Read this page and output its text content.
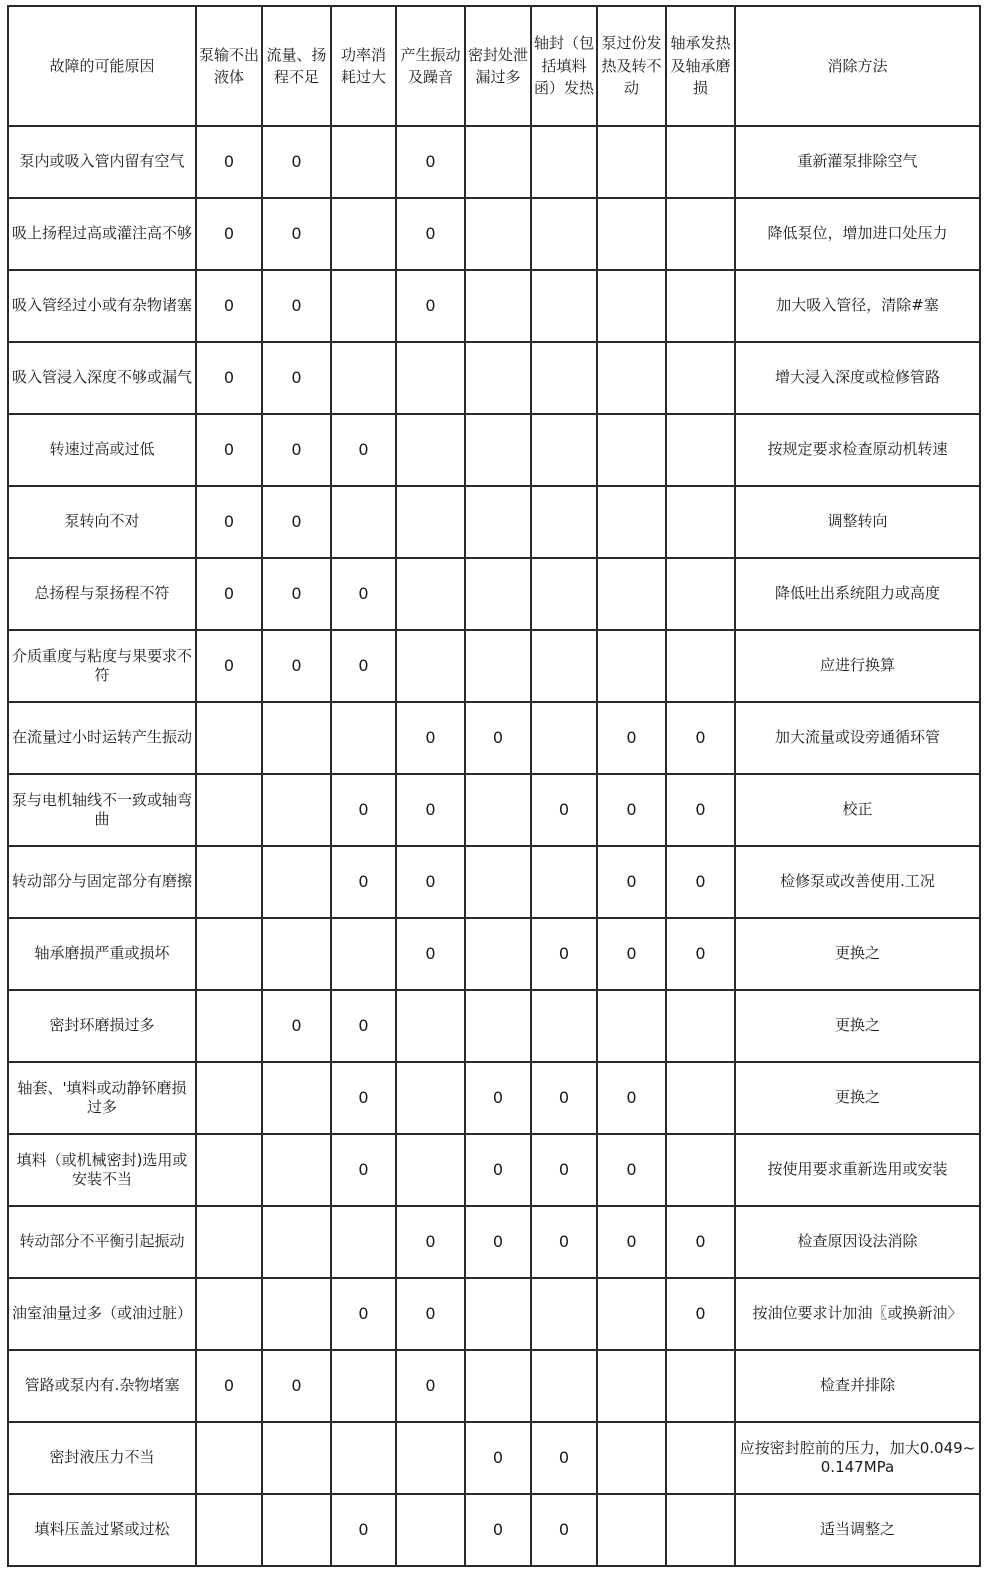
故障的可能原因	泵输不出液体	流量、扬程不足	功率消耗过大	产生振动及躁音	密封处泄漏过多	轴封（包括填料函）发热	泵过份发热及转不动	轴承发热及轴承磨损	消除方法
泵内或吸入管内留有空气	0	0		0					重新灌泵排除空气
吸上扬程过高或灌注高不够	0	0		0					降低泵位，增加进口处压力
吸入管经过小或有杂物诸塞	0	0		0					加大吸入管径，清除#塞
吸入管浸入深度不够或漏气	0	0							增大浸入深度或检修管路
转速过高或过低	0	0	0						按规定要求检查原动机转速
泵转向不对	0	0							调整转向
总扬程与泵扬程不符	0	0	0						降低吐出系统阻力或高度
介质重度与粘度与果要求不符	0	0	0						应进行换算
在流量过小时运转产生振动				0	0		0	0	加大流量或设旁通循环管
泵与电机轴线不一致或轴弯曲			0	0		0	0	0	校正
转动部分与固定部分有磨擦			0	0			0	0	检修泵或改善使用.工况
轴承磨损严重或损坏				0		0	0	0	更换之
密封环磨损过多		0	0						更换之
轴套、'填料或动静钚磨损过多			0		0	0	0		更换之
填料（或机械密封)选用或安装不当			0		0	0	0		按使用要求重新选用或安装
转动部分不平衡引起振动				0	0	0	0	0	检查原因设法消除
油室油量过多（或油过脏）			0	0				0	按油位要求计加油〖或换新油〉
管路或泵内有.杂物堵塞	0	0		0					检查并排除
密封液压力不当					0	0			应按密封腔前的压力，加大0.049~0.147MPa
填料压盖过紧或过松			0		0	0			适当调整之
